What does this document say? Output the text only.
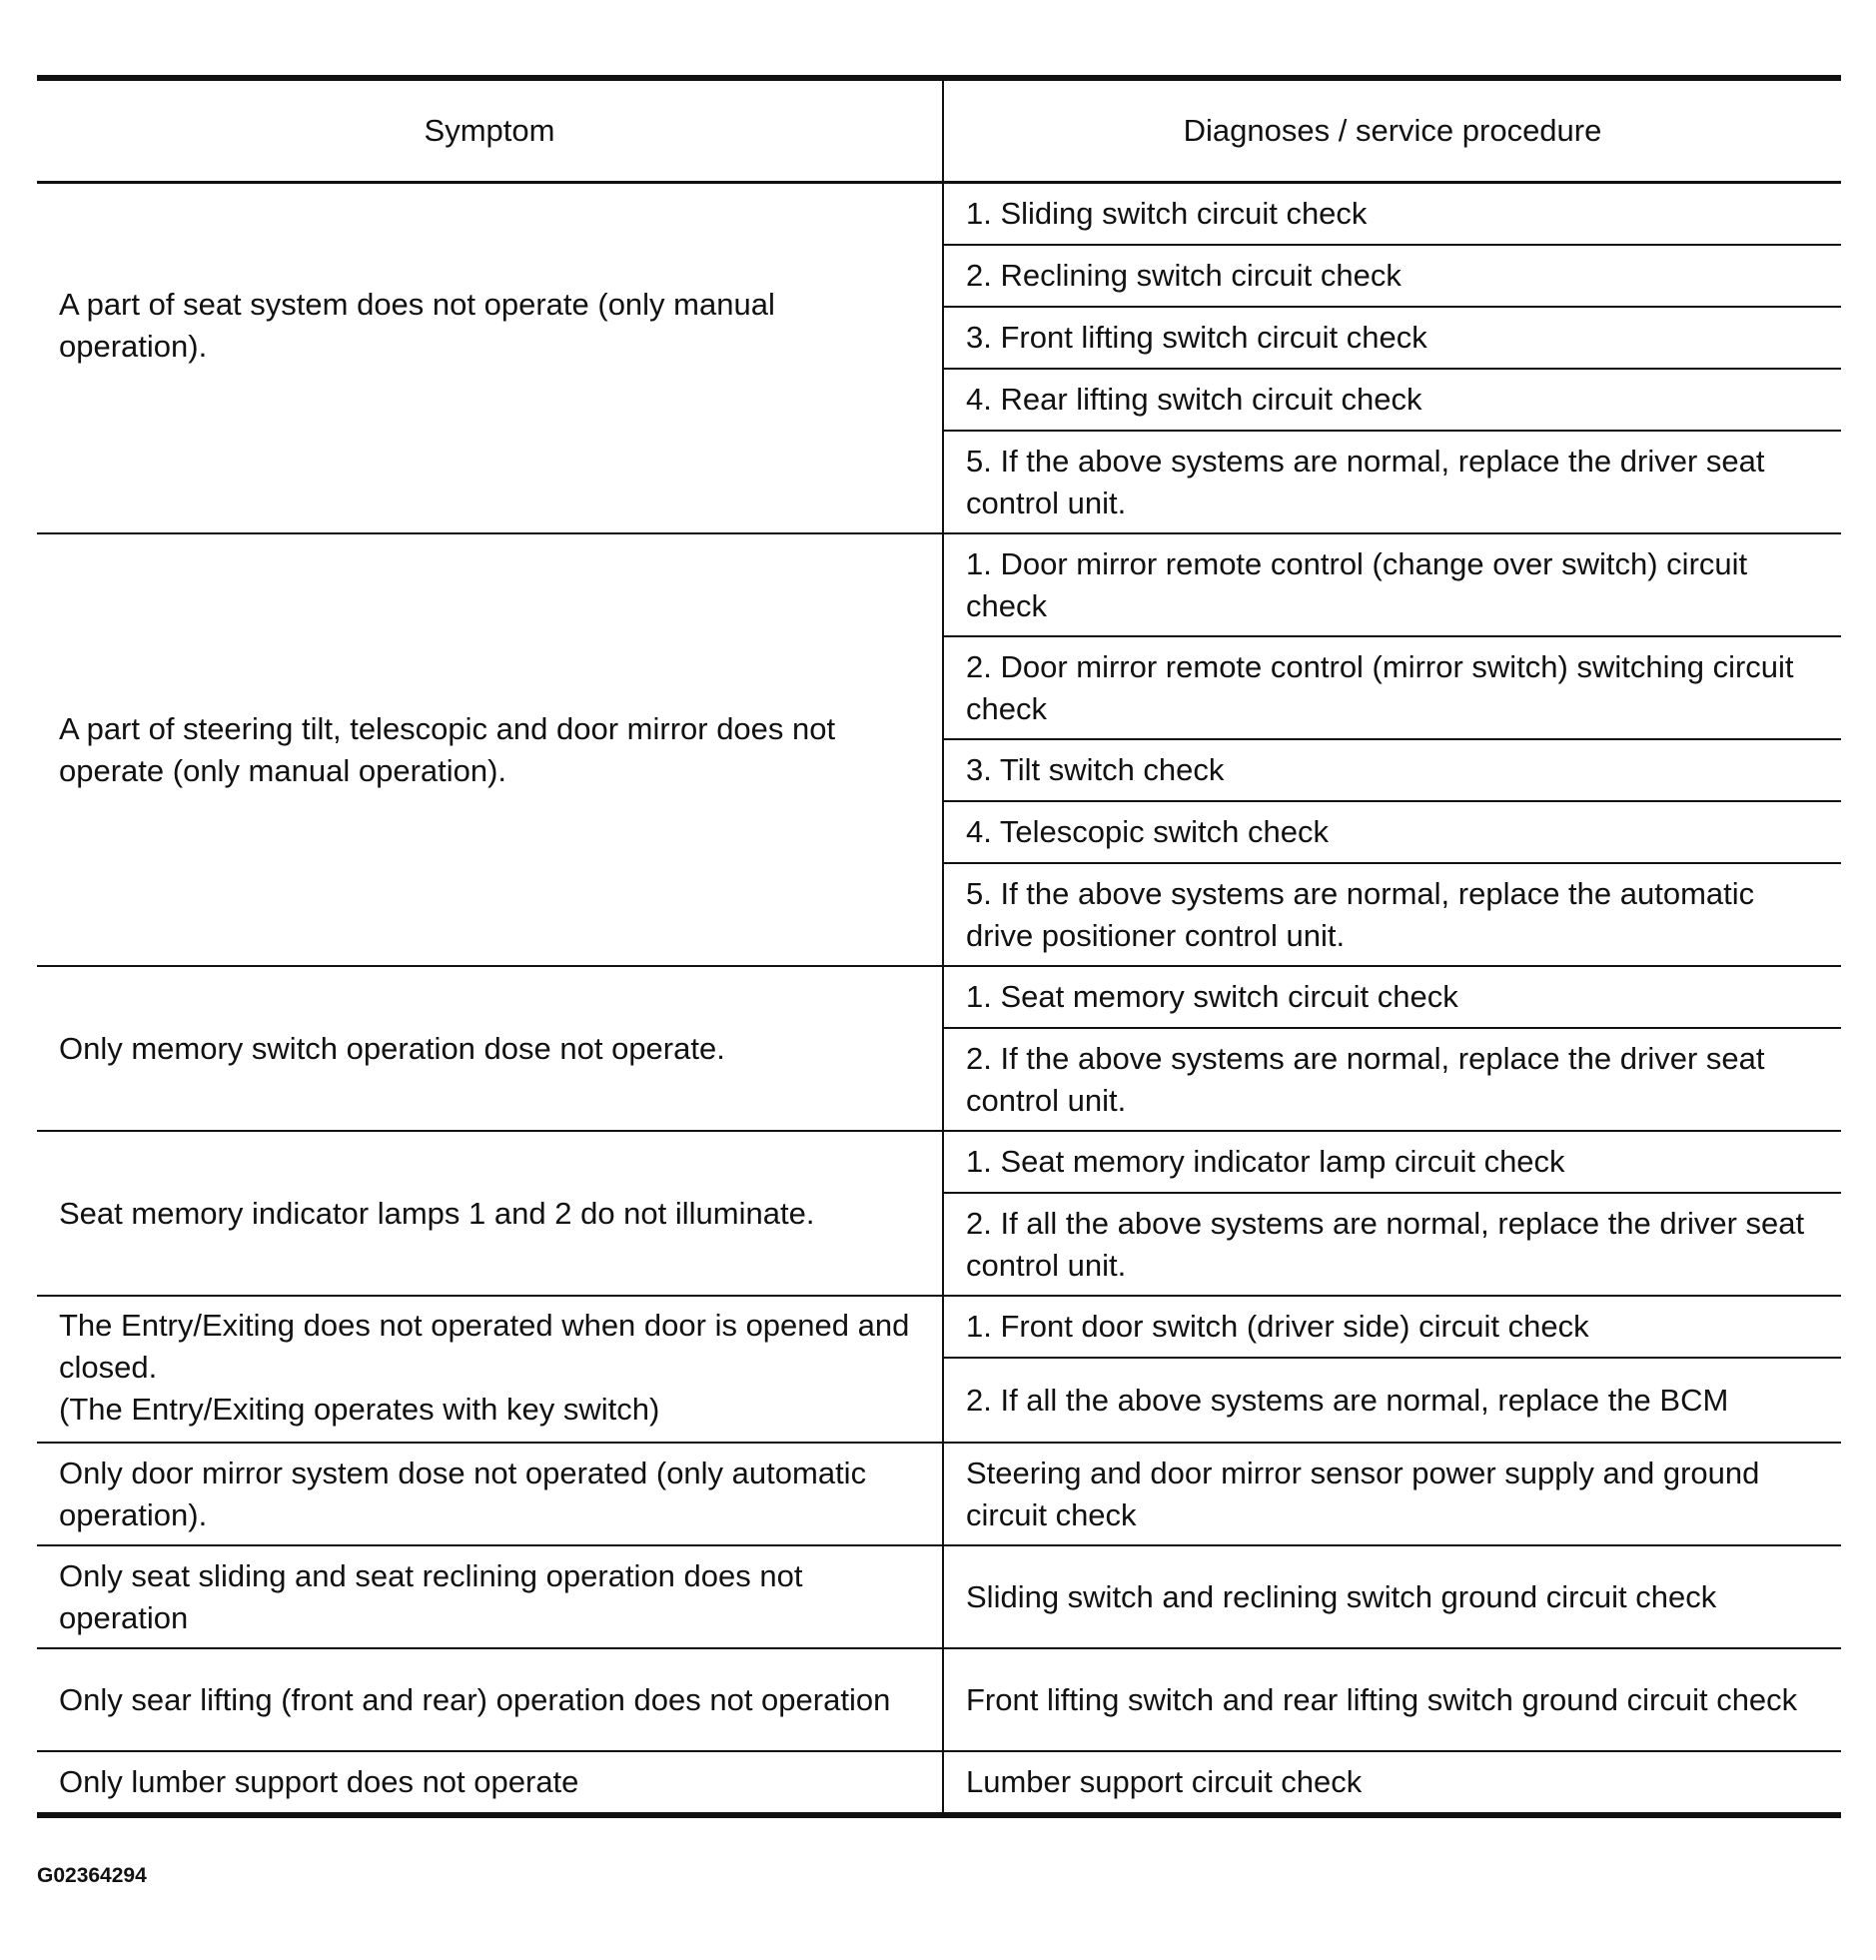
Symptom	Diagnoses / service procedure
A part of seat system does not operate (only manual operation).	1. Sliding switch circuit check
	2. Reclining switch circuit check
	3. Front lifting switch circuit check
	4. Rear lifting switch circuit check
	5. If the above systems are normal, replace the driver seat control unit.
A part of steering tilt, telescopic and door mirror does not operate (only manual operation).	1. Door mirror remote control (change over switch) circuit check
	2. Door mirror remote control (mirror switch) switching circuit check
	3. Tilt switch check
	4. Telescopic switch check
	5. If the above systems are normal, replace the automatic drive positioner control unit.
Only memory switch operation dose not operate.	1. Seat memory switch circuit check
	2. If the above systems are normal, replace the driver seat control unit.
Seat memory indicator lamps 1 and 2 do not illuminate.	1. Seat memory indicator lamp circuit check
	2. If all the above systems are normal, replace the driver seat control unit.

The Entry/Exiting does not operated when door is opened and closed.
(The Entry/Exiting operates with key switch)	1. Front door switch (driver side) circuit check
	2. If all the above systems are normal, replace the BCM
Only door mirror system dose not operated (only automatic operation).	Steering and door mirror sensor power supply and ground circuit check
Only seat sliding and seat reclining operation does not operation	Sliding switch and reclining switch ground circuit check
Only sear lifting (front and rear) operation does not operation	Front lifting switch and rear lifting switch ground circuit check
Only lumber support does not operate	Lumber support circuit check
G02364294
